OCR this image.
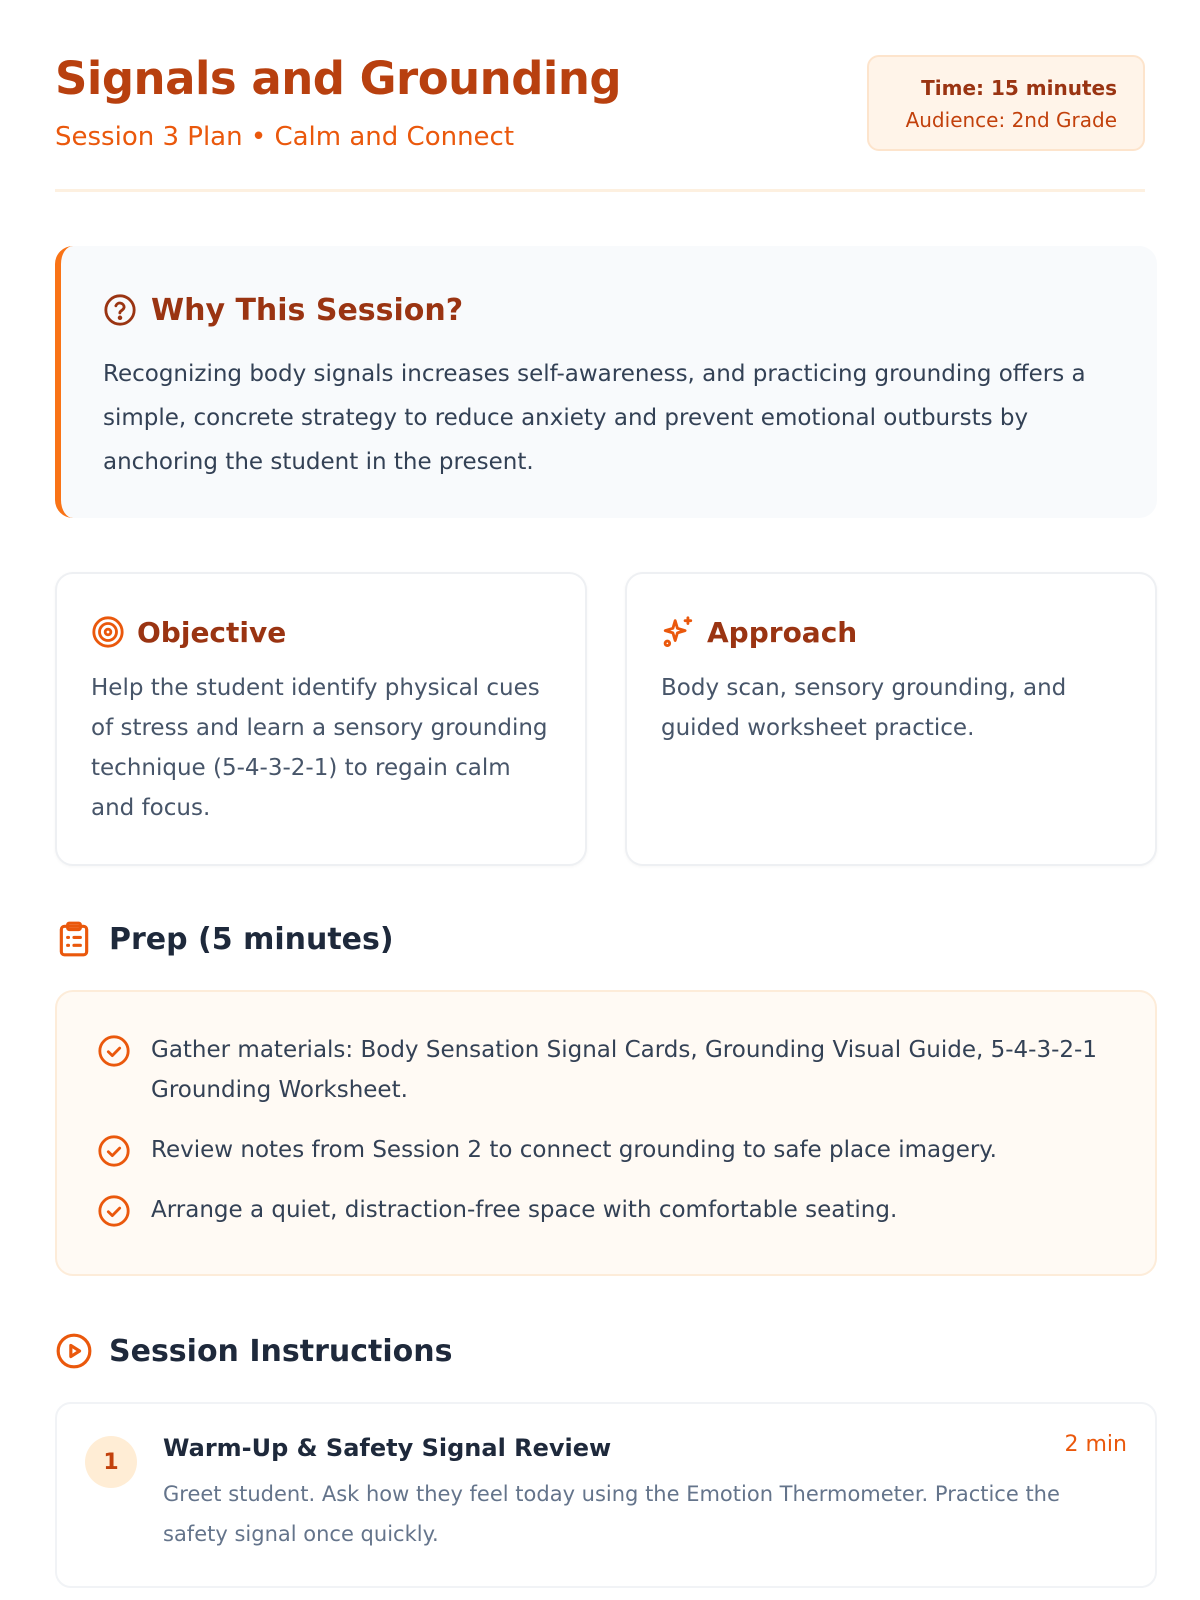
Signals and Grounding
Session 3 Plan • Calm and Connect
Time: 15 minutes
Audience: 2nd Grade
Why This Session?
Recognizing body signals increases self-awareness, and practicing grounding offers a simple, concrete strategy to reduce anxiety and prevent emotional outbursts by anchoring the student in the present.
Objective
Help the student identify physical cues of stress and learn a sensory grounding technique (5-4-3-2-1) to regain calm and focus.
Approach
Body scan, sensory grounding, and guided worksheet practice.
Prep (5 minutes)
Gather materials: Body Sensation Signal Cards, Grounding Visual Guide, 5-4-3-2-1 Grounding Worksheet.
Review notes from Session 2 to connect grounding to safe place imagery.
Arrange a quiet, distraction-free space with comfortable seating.
Session Instructions
1	Warm-Up & Safety Signal Review	2 min
Greet student. Ask how they feel today using the Emotion Thermometer. Practice the safety signal once quickly.
